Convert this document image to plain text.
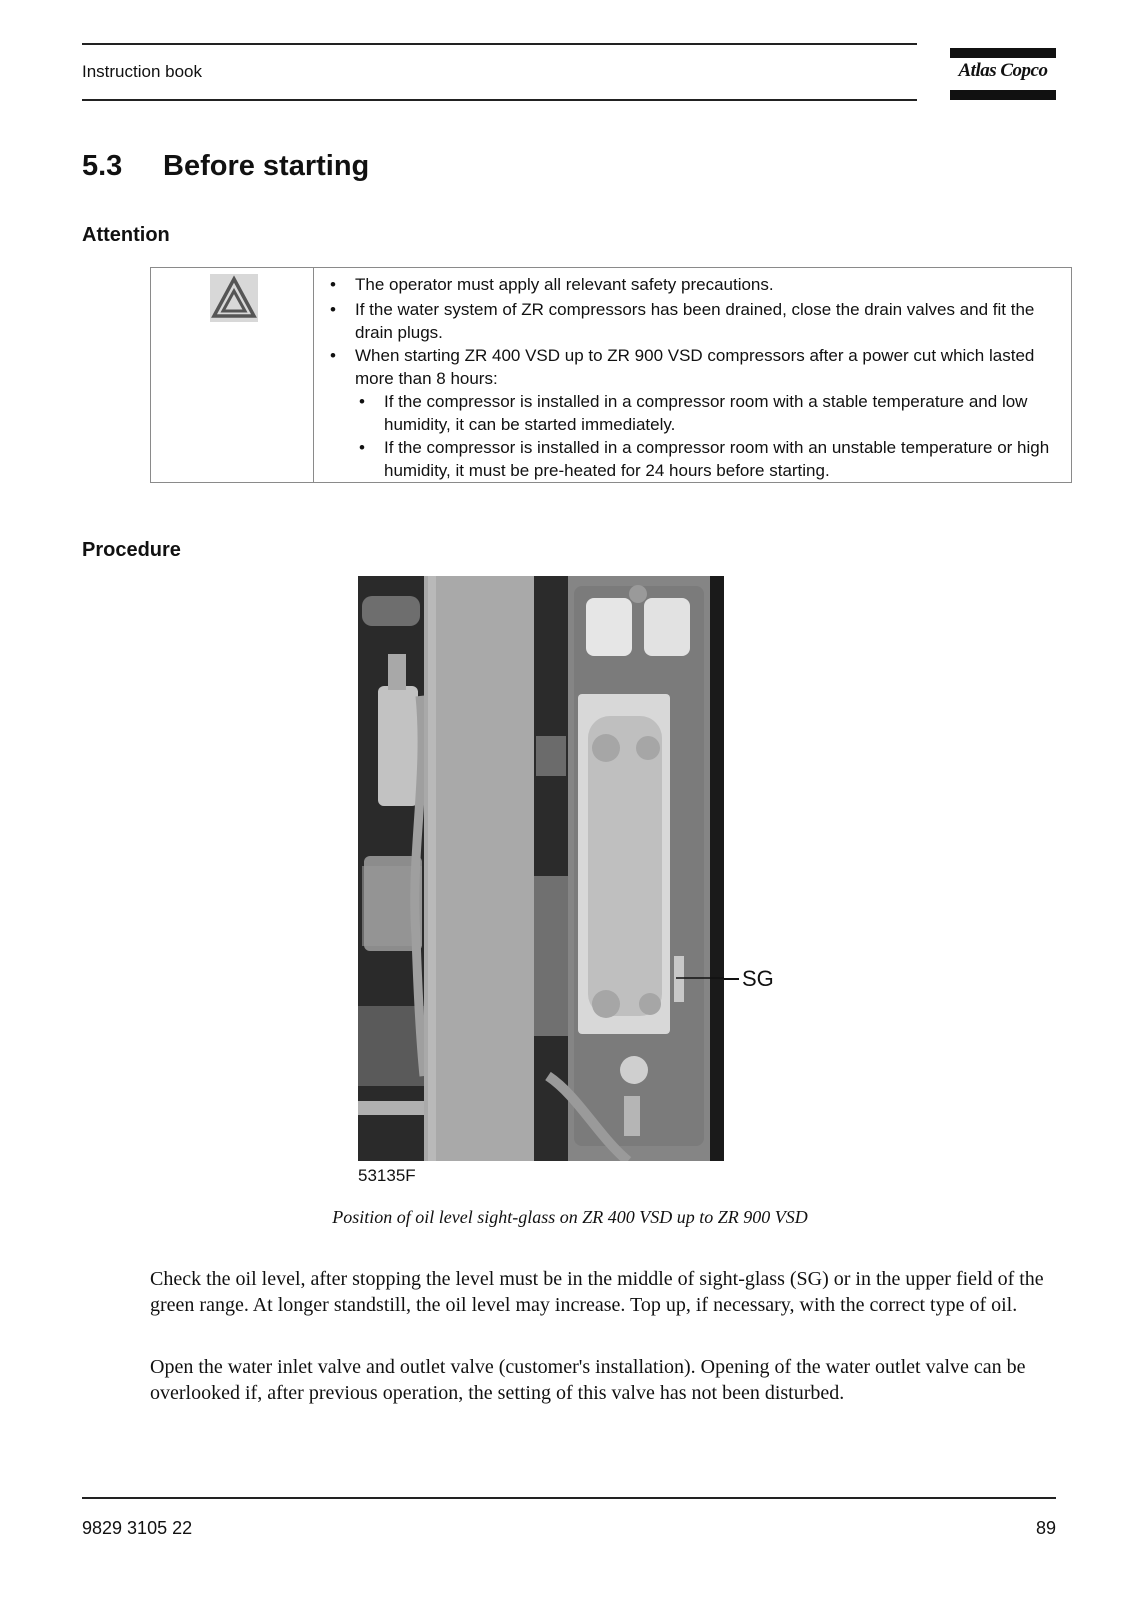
Instruction book	Atlas Copco
5.3 Before starting
Attention
• The operator must apply all relevant safety precautions.
• If the water system of ZR compressors has been drained, close the drain valves and fit the drain plugs.
• When starting ZR 400 VSD up to ZR 900 VSD compressors after a power cut which lasted more than 8 hours:
• If the compressor is installed in a compressor room with a stable temperature and low humidity, it can be started immediately.
• If the compressor is installed in a compressor room with an unstable temperature or high humidity, it must be pre-heated for 24 hours before starting.
Procedure
SG
53135F
Position of oil level sight-glass on ZR 400 VSD up to ZR 900 VSD
Check the oil level, after stopping the level must be in the middle of sight-glass (SG) or in the upper field of the green range. At longer standstill, the oil level may increase. Top up, if necessary, with the correct type of oil.
Open the water inlet valve and outlet valve (customer's installation). Opening of the water outlet valve can be overlooked if, after previous operation, the setting of this valve has not been disturbed.
9829 3105 22	89
